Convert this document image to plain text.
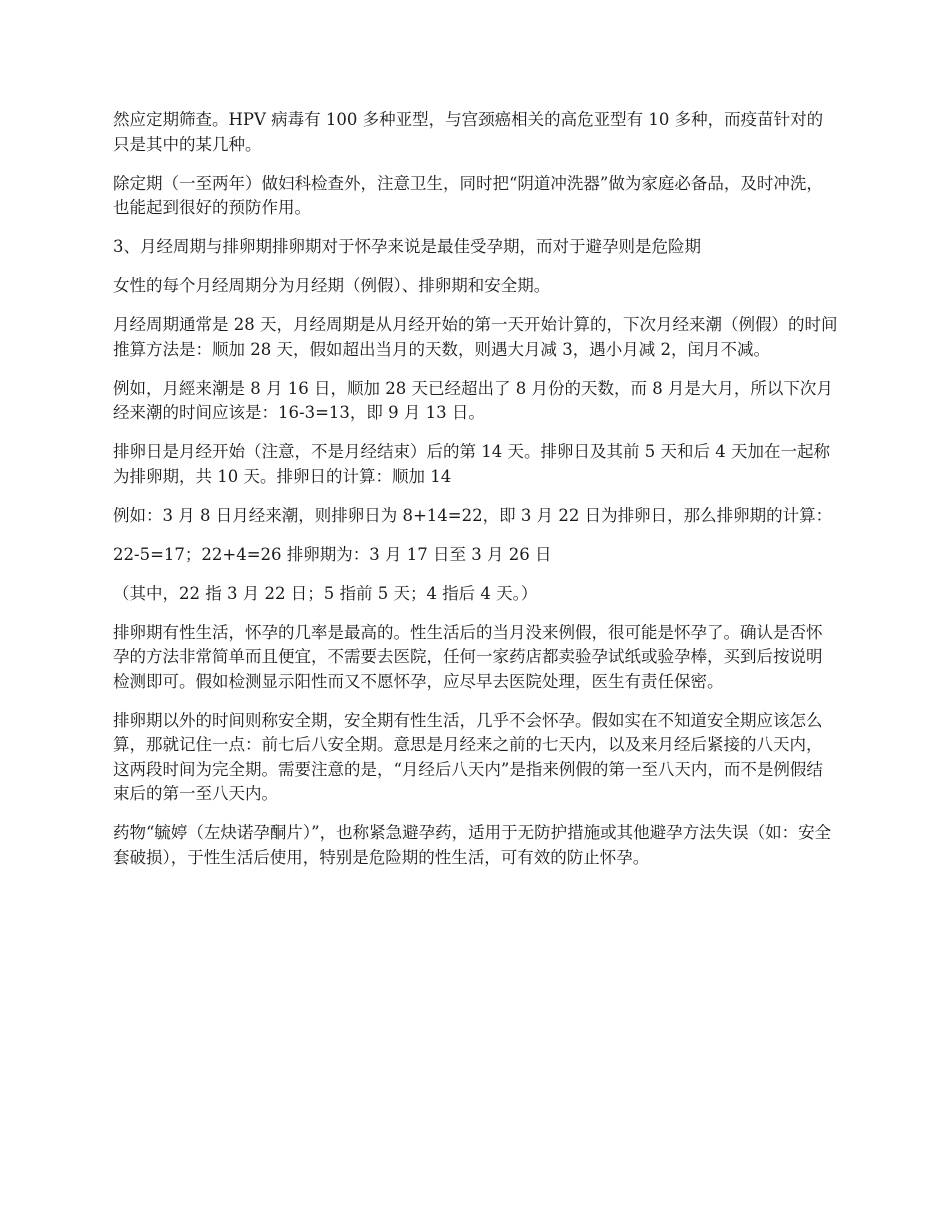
然应定期筛查。HPV 病毒有 100 多种亚型，与宫颈癌相关的高危亚型有 10 多种，而疫苗针对的只是其中的某几种。

除定期（一至两年）做妇科检查外，注意卫生，同时把“阴道冲洗器”做为家庭必备品，及时冲洗，也能起到很好的预防作用。

3、月经周期与排卵期排卵期对于怀孕来说是最佳受孕期，而对于避孕则是危险期

女性的每个月经周期分为月经期（例假）、排卵期和安全期。

月经周期通常是 28 天，月经周期是从月经开始的第一天开始计算的，下次月经来潮（例假）的时间推算方法是：顺加 28 天，假如超出当月的天数，则遇大月减 3，遇小月减 2，闰月不减。

例如，月經来潮是 8 月 16 日，顺加 28 天已经超出了 8 月份的天数，而 8 月是大月，所以下次月经来潮的时间应该是：16-3=13，即 9 月 13 日。

排卵日是月经开始（注意，不是月经结束）后的第 14 天。排卵日及其前 5 天和后 4 天加在一起称为排卵期，共 10 天。排卵日的计算：顺加 14

例如：3 月 8 日月经来潮，则排卵日为 8+14=22，即 3 月 22 日为排卵日，那么排卵期的计算：

22-5=17；22+4=26 排卵期为：3 月 17 日至 3 月 26 日

（其中，22 指 3 月 22 日；5 指前 5 天；4 指后 4 天。）

排卵期有性生活，怀孕的几率是最高的。性生活后的当月没来例假，很可能是怀孕了。确认是否怀孕的方法非常简单而且便宜，不需要去医院，任何一家药店都卖验孕试纸或验孕棒，买到后按说明检测即可。假如检测显示阳性而又不愿怀孕，应尽早去医院处理，医生有责任保密。

排卵期以外的时间则称安全期，安全期有性生活，几乎不会怀孕。假如实在不知道安全期应该怎么算，那就记住一点：前七后八安全期。意思是月经来之前的七天内，以及来月经后紧接的八天内，这两段时间为完全期。需要注意的是，“月经后八天内”是指来例假的第一至八天内，而不是例假结束后的第一至八天内。

药物“毓婷（左炔诺孕酮片）”，也称紧急避孕药，适用于无防护措施或其他避孕方法失误（如：安全套破损），于性生活后使用，特别是危险期的性生活，可有效的防止怀孕。
